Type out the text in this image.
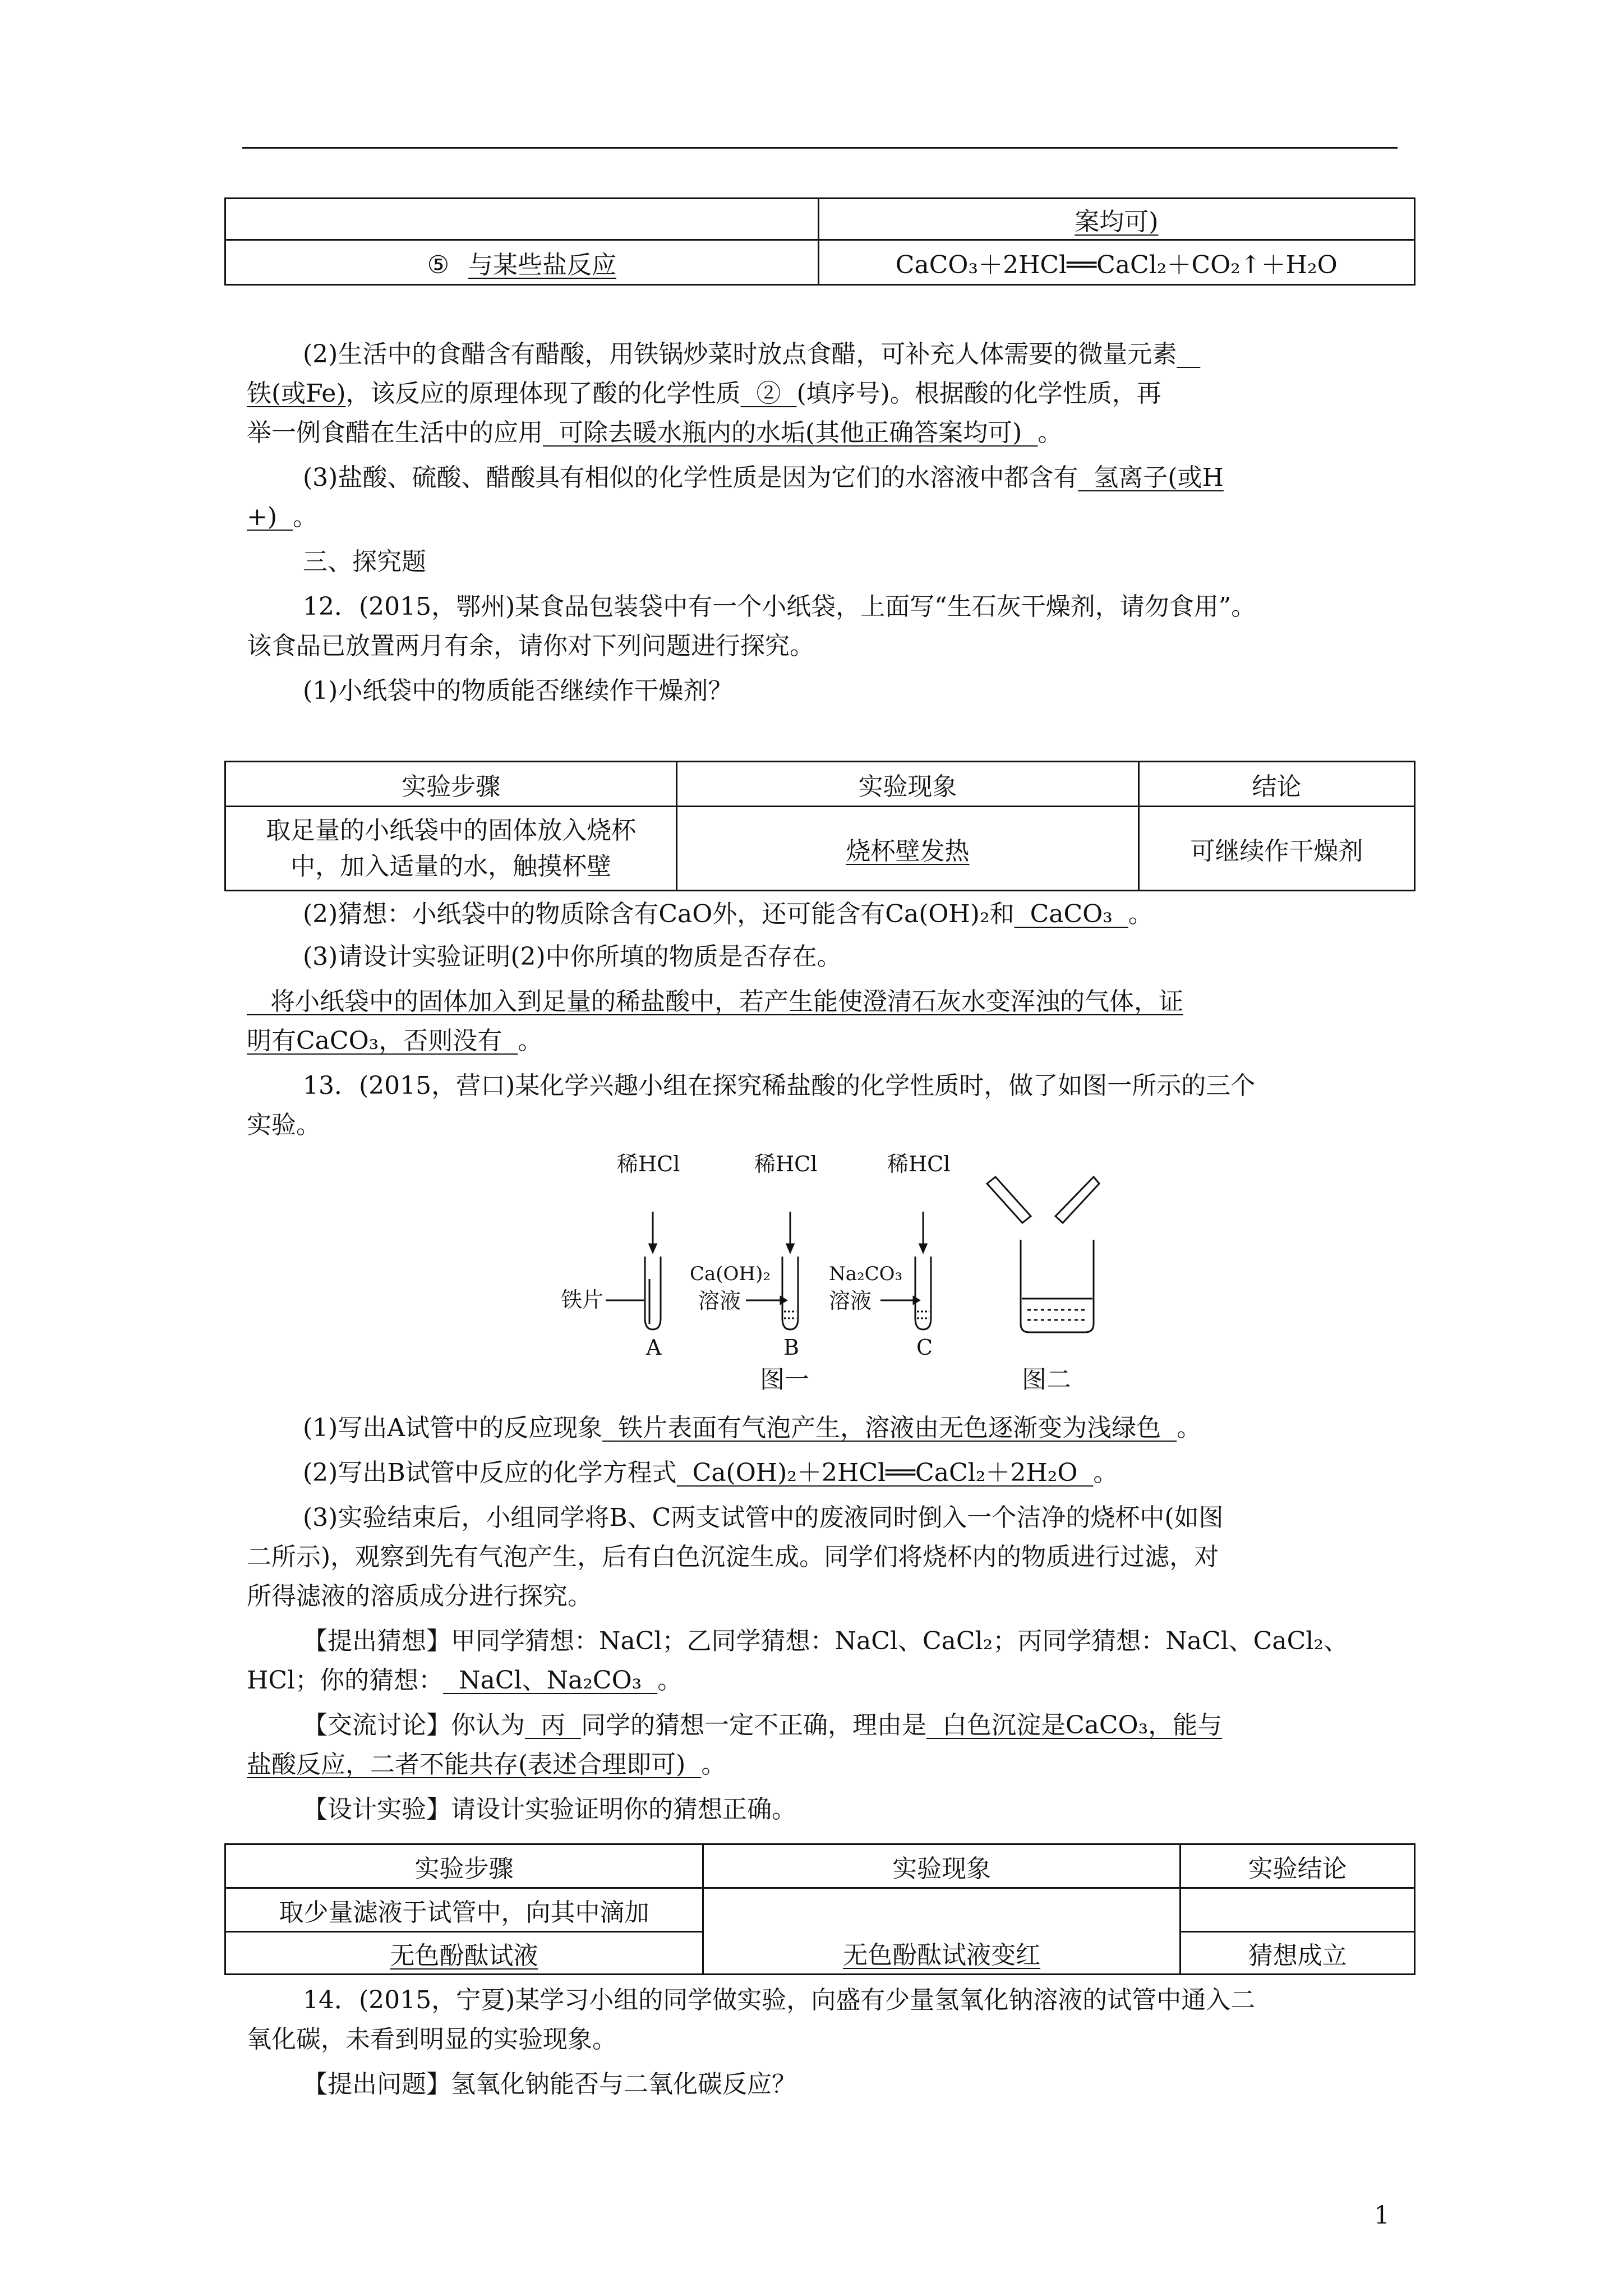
	案均可)
⑤ 与某些盐反应	CaCO₃＋2HCl══CaCl₂＋CO₂↑＋H₂O
(2)生活中的食醋含有醋酸，用铁锅炒菜时放点食醋，可补充人体需要的微量元素
铁(或Fe)，该反应的原理体现了酸的化学性质 ② (填序号)。根据酸的化学性质，再
举一例食醋在生活中的应用 可除去暖水瓶内的水垢(其他正确答案均可) 。
(3)盐酸、硫酸、醋酸具有相似的化学性质是因为它们的水溶液中都含有 氢离子(或H
+) 。
三、探究题
12．(2015，鄂州)某食品包装袋中有一个小纸袋，上面写“生石灰干燥剂，请勿食用”。
该食品已放置两月有余，请你对下列问题进行探究。
(1)小纸袋中的物质能否继续作干燥剂？
实验步骤	实验现象	结论

取足量的小纸袋中的固体放入烧杯
中，加入适量的水，触摸杯壁	烧杯壁发热	可继续作干燥剂
(2)猜想：小纸袋中的物质除含有CaO外，还可能含有Ca(OH)₂和 CaCO₃ 。
(3)请设计实验证明(2)中你所填的物质是否存在。
将小纸袋中的固体加入到足量的稀盐酸中，若产生能使澄清石灰水变浑浊的气体，证
明有CaCO₃，否则没有 。
13．(2015，营口)某化学兴趣小组在探究稀盐酸的化学性质时，做了如图一所示的三个
实验。
稀HCl	稀HCl	稀HCl
铁片
Ca(OH)₂
溶液
Na₂CO₃
溶液
A	B	C
图一	图二
(1)写出A试管中的反应现象 铁片表面有气泡产生，溶液由无色逐渐变为浅绿色 。
(2)写出B试管中反应的化学方程式 Ca(OH)₂＋2HCl══CaCl₂＋2H₂O 。
(3)实验结束后，小组同学将B、C两支试管中的废液同时倒入一个洁净的烧杯中(如图
二所示)，观察到先有气泡产生，后有白色沉淀生成。同学们将烧杯内的物质进行过滤，对
所得滤液的溶质成分进行探究。
【提出猜想】甲同学猜想：NaCl；乙同学猜想：NaCl、CaCl₂；丙同学猜想：NaCl、CaCl₂、
HCl；你的猜想： NaCl、Na₂CO₃ 。
【交流讨论】你认为 丙 同学的猜想一定不正确，理由是 白色沉淀是CaCO₃，能与
盐酸反应，二者不能共存(表述合理即可) 。
【设计实验】请设计实验证明你的猜想正确。
实验步骤	实验现象	实验结论
取少量滤液于试管中，向其中滴加		
无色酚酞试液	无色酚酞试液变红	猜想成立
14．(2015，宁夏)某学习小组的同学做实验，向盛有少量氢氧化钠溶液的试管中通入二
氧化碳，未看到明显的实验现象。
【提出问题】氢氧化钠能否与二氧化碳反应？
1
